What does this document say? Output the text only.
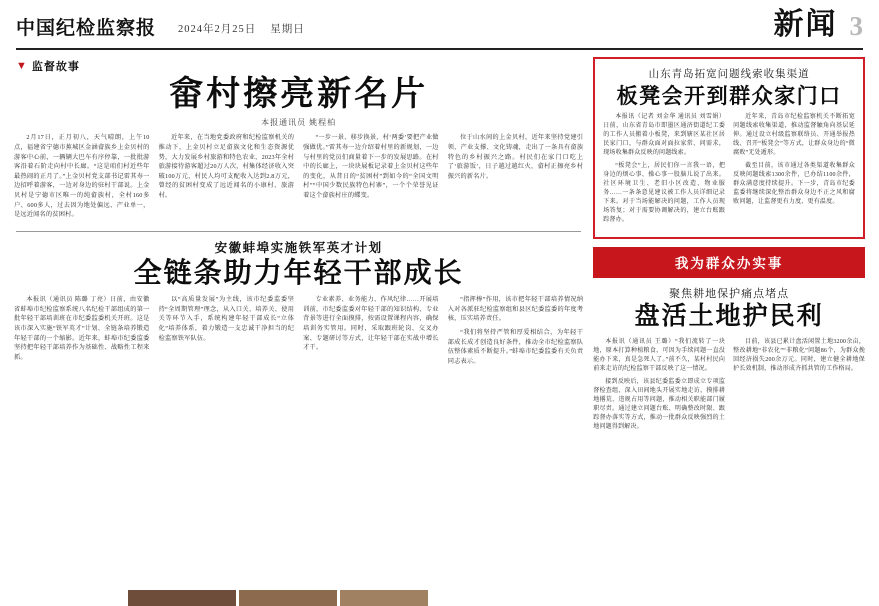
中国纪检监察报 2024年2月25日 星期日	新闻 3
▼ 监督故事
畲村擦亮新名片
本报通讯员 姚程柏

2月17日，正月初八，天气晴朗，上午10点，福建省宁德市蕉城区金涵畲族乡上金贝村的游客中心前，一辆辆大巴车有序停靠，一批批游客沿着石阶走向村中长廊。“这是咱们村近些年最热闹的正月了。”上金贝村党支部书记雷其寿一边招呼着游客，一边对身边的驻村干部说。上金贝村是宁德市区唯一的纯畲族村，全村160多户、600多人，过去因为地处偏远、产业单一，是远近闻名的贫困村。

近年来，在当地党委政府和纪检监察机关的推动下，上金贝村立足畲族文化和生态资源优势，大力发展乡村旅游和特色农业，2023年全村旅游接待游客超过20万人次，村集体经济收入突破100万元，村民人均可支配收入达到2.8万元，曾经的贫困村变成了远近闻名的小康村、旅游村。

“一步一景、移步换景，村‘两委’要把产业做强做优。”雷其寿一边介绍着村里的新规划，一边与村里的党员们商量着下一步的发展思路。在村中的长廊上，一块块展板记录着上金贝村这些年的变化，从昔日的“贫困村”到如今的“全国文明村”“中国少数民族特色村寨”，一个个荣誉见证着这个畲族村庄的蝶变。

位于山水间的上金贝村，近年来坚持党建引领、产业支撑、文化铸魂，走出了一条具有畲族特色的乡村振兴之路。村民们在家门口吃上了‘旅游饭’，日子越过越红火，畲村正擦亮乡村振兴的新名片。

安徽蚌埠实施铁军英才计划
全链条助力年轻干部成长

本报讯（通讯员 陈璐 丁亮）日前，由安徽省蚌埠市纪检监察系统八名纪检干部组成的第一批年轻干部培训班在市纪委监委机关开班。这是该市深入实施“铁军英才”计划、全链条培养锻造年轻干部的一个缩影。近年来，蚌埠市纪委监委坚持把年轻干部培养作为基础性、战略性工程来抓。

以“高质量发展”为主线，该市纪委监委坚持“全周期管理”理念，从入口关、培养关、使用关等环节入手，系统构建年轻干部成长“立体化”培养体系，着力锻造一支忠诚干净担当的纪检监察铁军队伍。

专业素养、业务能力、作风纪律……开展培训前，市纪委监委对年轻干部的知识结构、专业背景等进行全面摸排，按需设置课程内容，确保培训务实管用。同时，采取跟班轮岗、交叉办案、专题研讨等方式，让年轻干部在实战中增长才干。

“指挥棒”作用，该市把年轻干部培养情况纳入对各派驻纪检监察组和县区纪委监委的年度考核，压实培养责任。

“我们将坚持严管和厚爱相结合，为年轻干部成长成才创造良好条件，推动全市纪检监察队伍整体素质不断提升。”蚌埠市纪委监委有关负责同志表示。

山东青岛拓宽问题线索收集渠道
板凳会开到群众家门口

本报讯（记者 刘金华 通讯员 刘雪娟）日前，山东省青岛市即墨区通济街道纪工委的工作人员搬着小板凳，来到辖区某社区居民家门口，与群众面对面拉家常、问需求，现场收集群众反映的问题线索。

“板凳会”上，居民们你一言我一语，把身边的烦心事、操心事一股脑儿说了出来。社区环境卫生、老旧小区改造、物业服务……一条条意见建议被工作人员详细记录下来。对于当场能解决的问题，工作人员现场答复；对于需要协调解决的，建立台账跟踪督办。

近年来，青岛市纪检监察机关不断拓宽问题线索收集渠道，推动监督触角向基层延伸。通过设立村级监察联络员、开通举报热线、召开“板凳会”等方式，让群众身边的“微腐败”无处遁形。

截至目前，该市通过各类渠道收集群众反映问题线索1300余件，已办结1100余件，群众满意度持续提升。下一步，青岛市纪委监委将继续深化整治群众身边不正之风和腐败问题，让监督更有力度、更有温度。

我为群众办实事
聚焦耕地保护痛点堵点
盘活土地护民利

本报讯（通讯员 王璐）“我们流转了一块地，原本打算种植粮食，可因为手续问题一直没能办下来，真是急死人了。”前不久，某村村民向前来走访的纪检监察干部反映了这一情况。

接到反映后，该县纪委监委立即成立专项监督检查组，深入田间地头开展实地走访，摸排耕地撂荒、违规占用等问题，推动相关职能部门履职尽责。通过建立问题台账、明确整改时限、跟踪督办落实等方式，推动一批群众反映强烈的土地问题得到解决。

目前，该县已累计盘活闲置土地3200余亩，整改耕地“非农化”“非粮化”问题86个，为群众挽回经济损失200余万元。同时，建立健全耕地保护长效机制，推动形成齐抓共管的工作格局。
